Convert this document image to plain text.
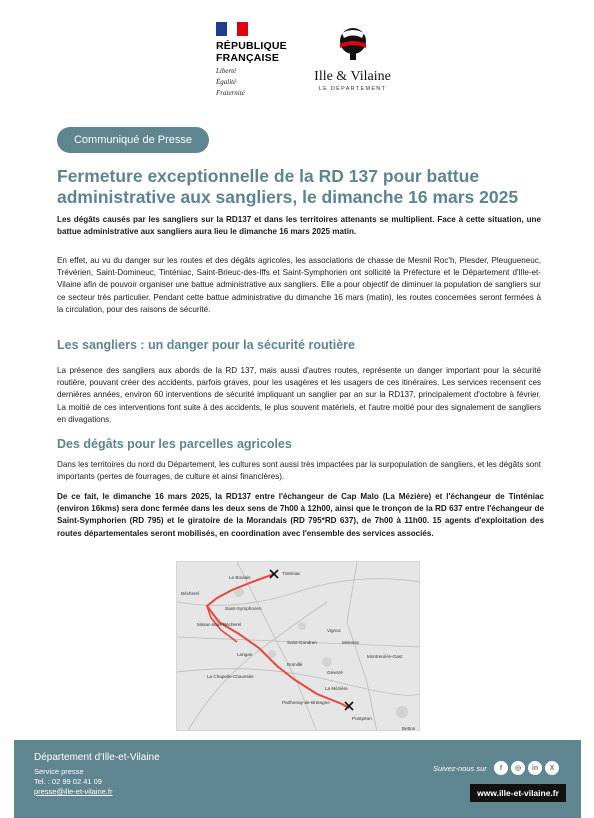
RÉPUBLIQUE
FRANÇAISE
Liberté
Égalité
Fraternité
Ille & Vilaine
LE DÉPARTEMENT
Communiqué de Presse
Fermeture exceptionnelle de la RD 137 pour battue administrative aux sangliers, le dimanche 16 mars 2025

Les dégâts causés par les sangliers sur la RD137 et dans les territoires attenants se multiplient. Face à cette situation, une battue administrative aux sangliers aura lieu le dimanche 16 mars 2025 matin.

En effet, au vu du danger sur les routes et des dégâts agricoles, les associations de chasse de Mesnil Roc'h, Plesder, Pleugueneuc, Trévérien, Saint-Domineuc, Tinténiac, Saint-Brieuc-des-Iffs et Saint-Symphorien ont sollicité la Préfecture et le Département d'Ille-et-Vilaine afin de pouvoir organiser une battue administrative aux sangliers. Elle a pour objectif de diminuer la population de sangliers sur ce secteur très particulier. Pendant cette battue administrative du dimanche 16 mars (matin), les routes concernées seront fermées à la circulation, pour des raisons de sécurité.

Les sangliers : un danger pour la sécurité routière

La présence des sangliers aux abords de la RD 137, mais aussi d'autres routes, représente un danger important pour la sécurité routière, pouvant créer des accidents, parfois graves, pour les usagères et les usagers de ces itinéraires. Les services recensent ces dernières années, environ 60 interventions de sécurité impliquant un sanglier par an sur la RD137, principalement d'octobre à février. La moitié de ces interventions font suite à des accidents, le plus souvent matériels, et l'autre moitié pour des signalement de sangliers en divagations.

Des dégâts pour les parcelles agricoles

Dans les territoires du nord du Département, les cultures sont aussi très impactées par la surpopulation de sangliers, et les dégâts sont importants (pertes de fourrages, de culture et ainsi financières).

De ce fait, le dimanche 16 mars 2025, la RD137 entre l'échangeur de Cap Malo (La Mézière) et l'échangeur de Tinténiac (environ 16kms) sera donc fermée dans les deux sens de 7h00 à 12h00, ainsi que le tronçon de la RD 637 entre l'échangeur de Saint-Symphorien (RD 795) et le giratoire de la Morandais (RD 795*RD 637), de 7h00 à 11h00. 15 agents d'exploitation des routes départementales seront mobilisés, en coordination avec l'ensemble des services associés.

Tinténiac
Le Boulais
Bécherel
Miniac-sous-Bécherel
Saint-Symphorien
Saint-Gondran
Langan
Romillé
La Chapelle-Chaussée
La Mézière
Montreuil-le-Gast
Gévezé
Pontpéan
Betton
Melesse
Parthenay-de-Bretagne
Vignoc
Département d'Ille-et-Vilaine
Service presse
Tel. : 02 99 02 41 09
presse@ille-et-vilaine.fr
Suivez-nous sur	f	◎	in	X
www.ille-et-vilaine.fr
